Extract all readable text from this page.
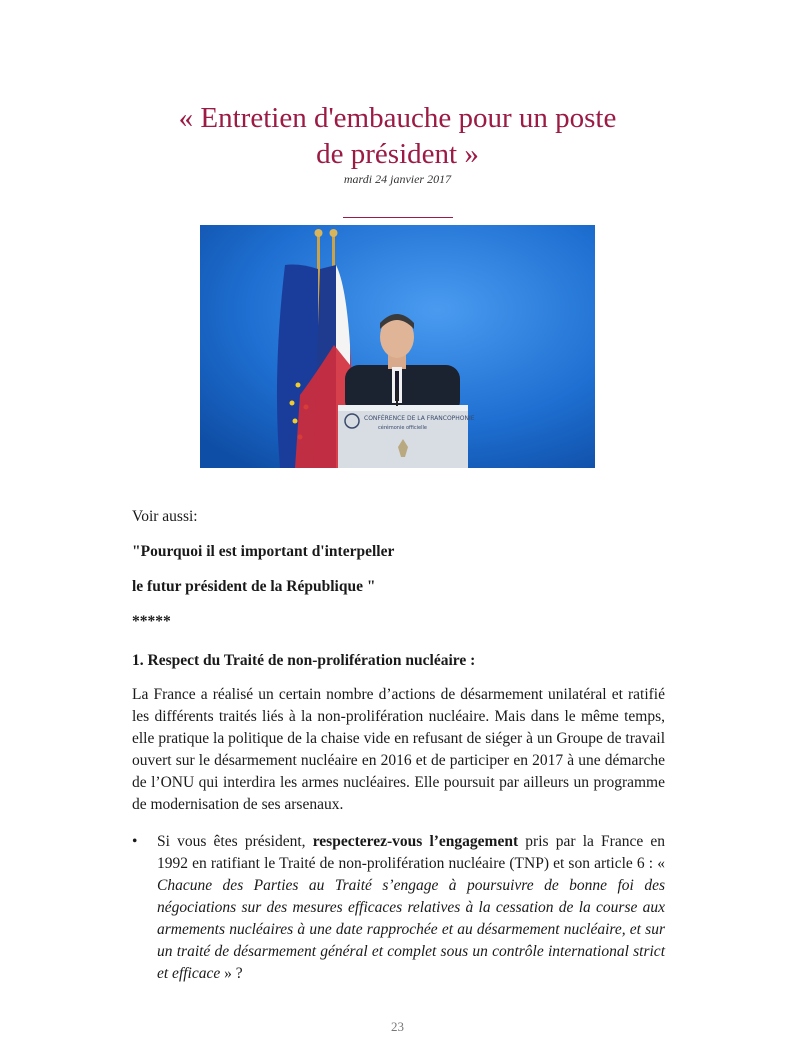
« Entretien d'embauche pour un poste
de président »
mardi 24 janvier 2017
CONFÉRENCE DE LA FRANCOPHONIE
cérémonie officielle
Voir aussi:
"Pourquoi il est important d'interpeller
le futur président de la République "
*****
1. Respect du Traité de non-prolifération nucléaire :
La France a réalisé un certain nombre d’actions de désarmement unilatéral et ratifié les différents traités liés à la non-prolifération nucléaire. Mais dans le même temps, elle pratique la politique de la chaise vide en refusant de siéger à un Groupe de travail ouvert sur le désarmement nucléaire en 2016 et de participer en 2017 à une démarche de l’ONU qui interdira les armes nucléaires. Elle poursuit par ailleurs un programme de modernisation de ses arsenaux.
• Si vous êtes président, respecterez-vous l’engagement pris par la France en 1992 en ratifiant le Traité de non-prolifération nucléaire (TNP) et son article 6 : « Chacune des Parties au Traité s’engage à poursuivre de bonne foi des négociations sur des mesures efficaces relatives à la cessation de la course aux armements nucléaires à une date rapprochée et au désarmement nucléaire, et sur un traité de désarmement général et complet sous un contrôle international strict et efficace » ?
23
